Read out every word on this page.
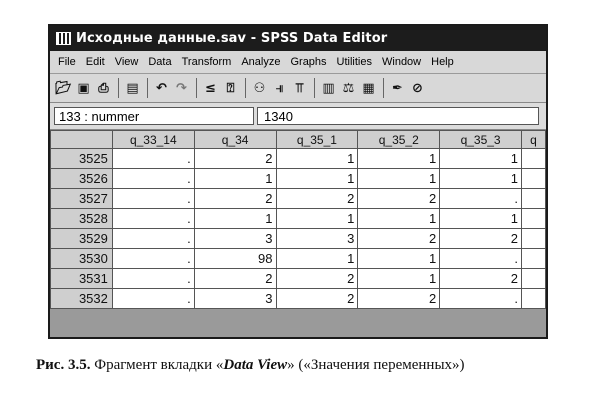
Исходные данные.sav - SPSS Data Editor
File Edit View Data Transform Analyze Graphs Utilities Window Help
📂︎ ▣ ⎙	▤	↶ ↷	≤ ⍰	⚇ ⫣ ⫪	▥ ⚖︎ ▦	✒︎ ⊘
133 : nummer	1340
	q_33_14	q_34	q_35_1	q_35_2	q_35_3	q
3525	.	2	1	1	1	
3526	.	1	1	1	1	
3527	.	2	2	2	.	
3528	.	1	1	1	1	
3529	.	3	3	2	2	
3530	.	98	1	1	.	
3531	.	2	2	1	2	
3532	.	3	2	2	.	
Рис. 3.5. Фрагмент вкладки «Data View» («Значения переменных»)
